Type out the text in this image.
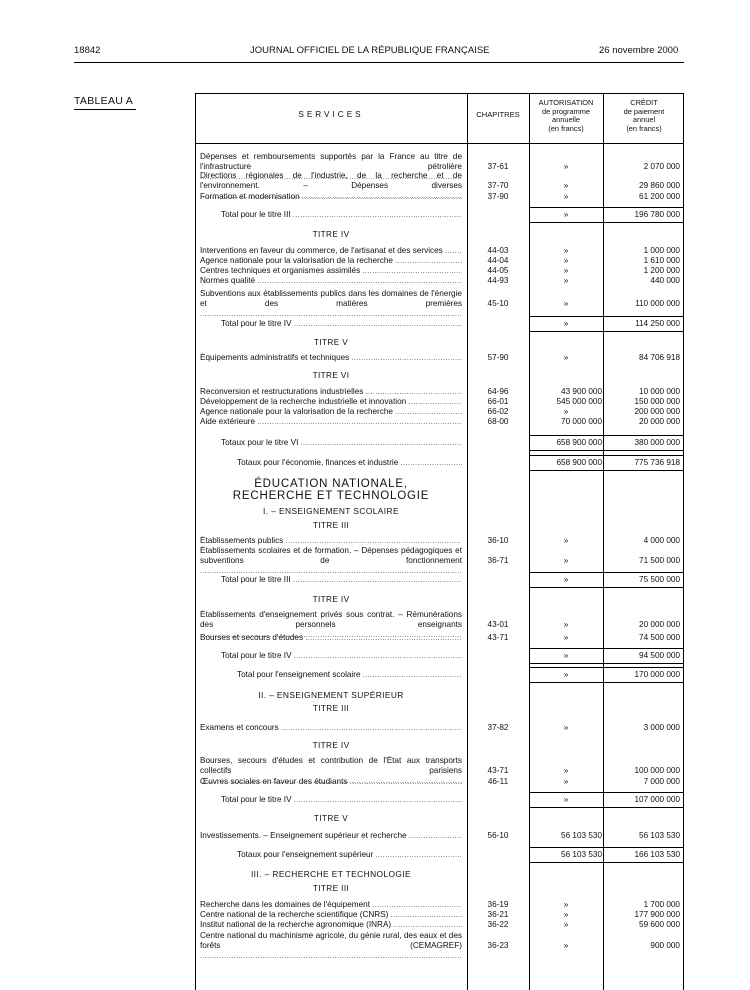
18842	JOURNAL OFFICIEL DE LA RÉPUBLIQUE FRANÇAISE	26 novembre 2000
TABLEAU A
SERVICES	CHAPITRES
AUTORISATION
de programme
annuelle
(en francs)
CRÉDIT
de paiement
annuel
(en francs)
Dépenses et remboursements supportés par la France au titre de l'infrastructure pétrolière .....	37-61	»	2 070 000
Directions régionales de l'industrie, de la recherche et de l'environnement. – Dépenses diverses .....	37-70	»	29 860 000
Formation et modernisation .....	37-90	»	61 200 000
Total pour le titre III .....	»	196 780 000
TITRE IV
Interventions en faveur du commerce, de l'artisanat et des services .....	44-03	»	1 000 000
Agence nationale pour la valorisation de la recherche .....	44-04	»	1 610 000
Centres techniques et organismes assimilés .....	44-05	»	1 200 000
Normes qualité .....	44-93	»	440 000
Subventions aux établissements publics dans les domaines de l'énergie et des matières premières .....	45-10	»	110 000 000
Total pour le titre IV .....	»	114 250 000
TITRE V
Équipements administratifs et techniques .....	57-90	»	84 706 918
TITRE VI
Reconversion et restructurations industrielles .....	64-96	43 900 000	10 000 000
Développement de la recherche industrielle et innovation .....	66-01	545 000 000	150 000 000
Agence nationale pour la valorisation de la recherche .....	66-02	»	200 000 000
Aide extérieure .....	68-00	70 000 000	20 000 000
Totaux pour le titre VI .....	658 900 000	380 000 000
Totaux pour l'économie, finances et industrie .....	658 900 000	775 736 918
ÉDUCATION NATIONALE,
RECHERCHE ET TECHNOLOGIE
I. – ENSEIGNEMENT SCOLAIRE
TITRE III
Établissements publics .....	36-10	»	4 000 000
Établissements scolaires et de formation. – Dépenses pédagogiques et subventions de fonctionnement .....	36-71	»	71 500 000
Total pour le titre III .....	»	75 500 000
TITRE IV
Établissements d'enseignement privés sous contrat. – Rémunérations des personnels enseignants .....	43-01	»	20 000 000
Bourses et secours d'études .....	43-71	»	74 500 000
Total pour le titre IV .....	»	94 500 000
Total pour l'enseignement scolaire .....	»	170 000 000
II. – ENSEIGNEMENT SUPÉRIEUR
TITRE III
Examens et concours .....	37-82	»	3 000 000
TITRE IV
Bourses, secours d'études et contribution de l'État aux transports collectifs parisiens .....	43-71	»	100 000 000
Œuvres sociales en faveur des étudiants .....	46-11	»	7 000 000
Total pour le titre IV .....	»	107 000 000
TITRE V
Investissements. – Enseignement supérieur et recherche .....	56-10	56 103 530	56 103 530
Totaux pour l'enseignement supérieur .....	56 103 530	166 103 530
III. – RECHERCHE ET TECHNOLOGIE
TITRE III
Recherche dans les domaines de l'équipement .....	36-19	»	1 700 000
Centre national de la recherche scientifique (CNRS) .....	36-21	»	177 900 000
Institut national de la recherche agronomique (INRA) .....	36-22	»	59 600 000
Centre national du machinisme agricole, du génie rural, des eaux et des forêts (CEMAGREF) .....	36-23	»	900 000
